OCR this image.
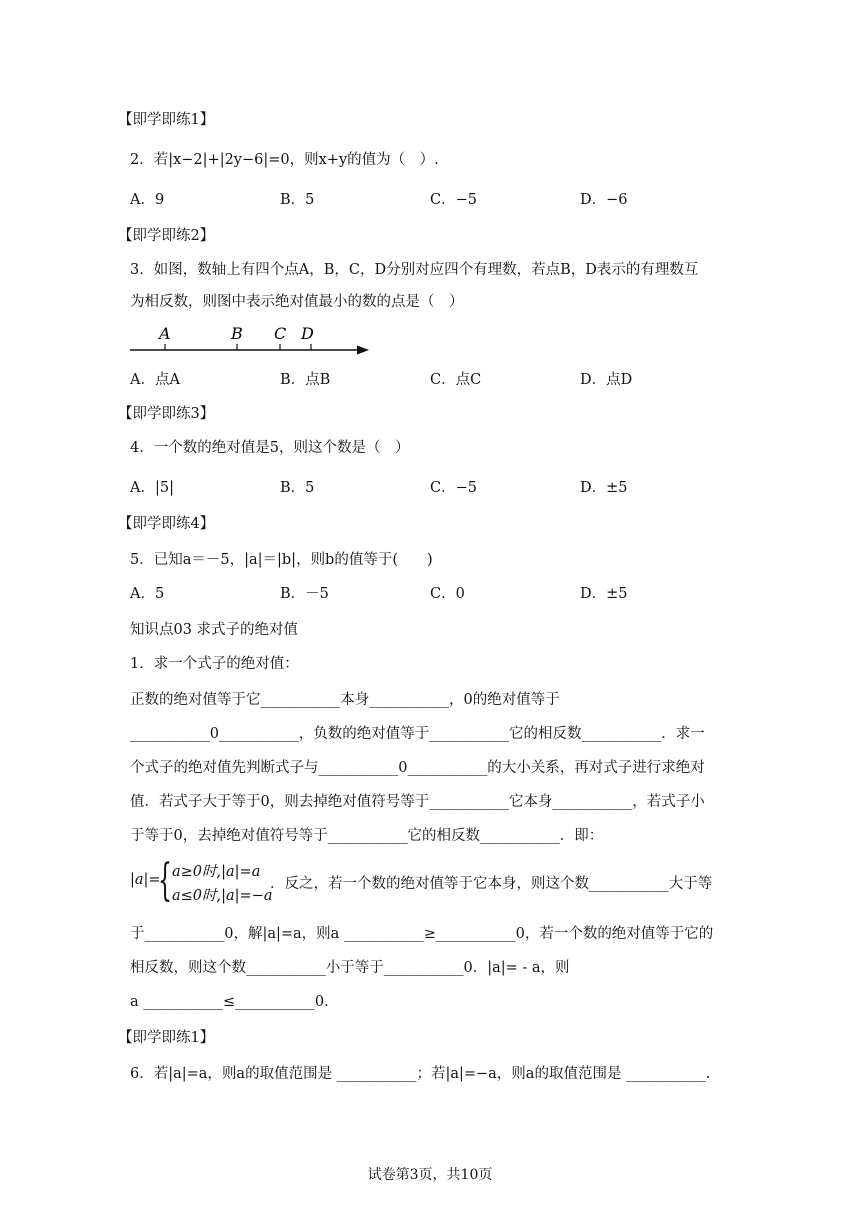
【即学即练1】
2．若|x−2|+|2y−6|=0，则x+y的值为（　）.
A．9	B．5	C．−5	D．−6
【即学即练2】
3．如图，数轴上有四个点A，B，C，D分别对应四个有理数，若点B，D表示的有理数互
为相反数，则图中表示绝对值最小的数的点是（　）
A	B C D
A．点A	B．点B	C．点C	D．点D
【即学即练3】
4．一个数的绝对值是5，则这个数是（　）
A．|5|	B．5	C．−5	D．±5
【即学即练4】
5．已知a＝－5，|a|＝|b|，则b的值等于(　　)
A．5	B．－5	C．0	D．±5
知识点03 求式子的绝对值
1．求一个式子的绝对值：
正数的绝对值等于它___________本身___________，0的绝对值等于
___________0___________，负数的绝对值等于___________它的相反数___________．求一
个式子的绝对值先判断式子与___________0___________的大小关系，再对式子进行求绝对
值．若式子大于等于0，则去掉绝对值符号等于___________它本身___________，若式子小
于等于0，去掉绝对值符号等于___________它的相反数___________．即：
|a|=
{ a≥0时,|a|=a
a≤0时,|a|=−a
．反之，若一个数的绝对值等于它本身，则这个数___________大于等
于___________0，解|a|=a，则a ___________≥___________0，若一个数的绝对值等于它的
相反数，则这个数___________小于等于___________0．|a|= - a，则
a ___________≤___________0.
【即学即练1】
6．若|a|=a，则a的取值范围是 ___________；若|a|=−a，则a的取值范围是 ___________.
试卷第3页，共10页
